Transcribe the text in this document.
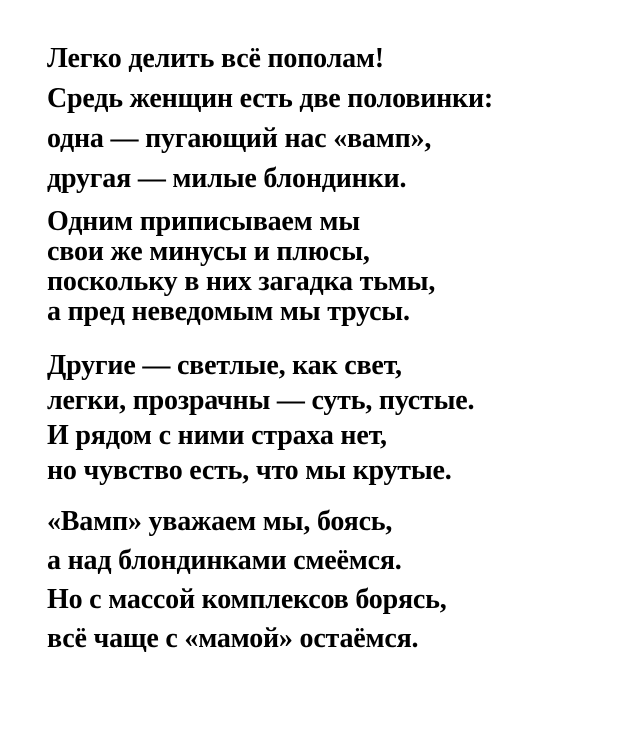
Легко делить всё пополам!
Средь женщин есть две половинки:
одна — пугающий нас «вамп»,
другая — милые блондинки.
Одним приписываем мы
свои же минусы и плюсы,
поскольку в них загадка тьмы,
а пред неведомым мы трусы.
Другие — светлые, как свет,
легки, прозрачны — суть, пустые.
И рядом с ними страха нет,
но чувство есть, что мы крутые.
«Вамп» уважаем мы, боясь,
а над блондинками смеёмся.
Но с массой комплексов борясь,
всё чаще с «мамой» остаёмся.
